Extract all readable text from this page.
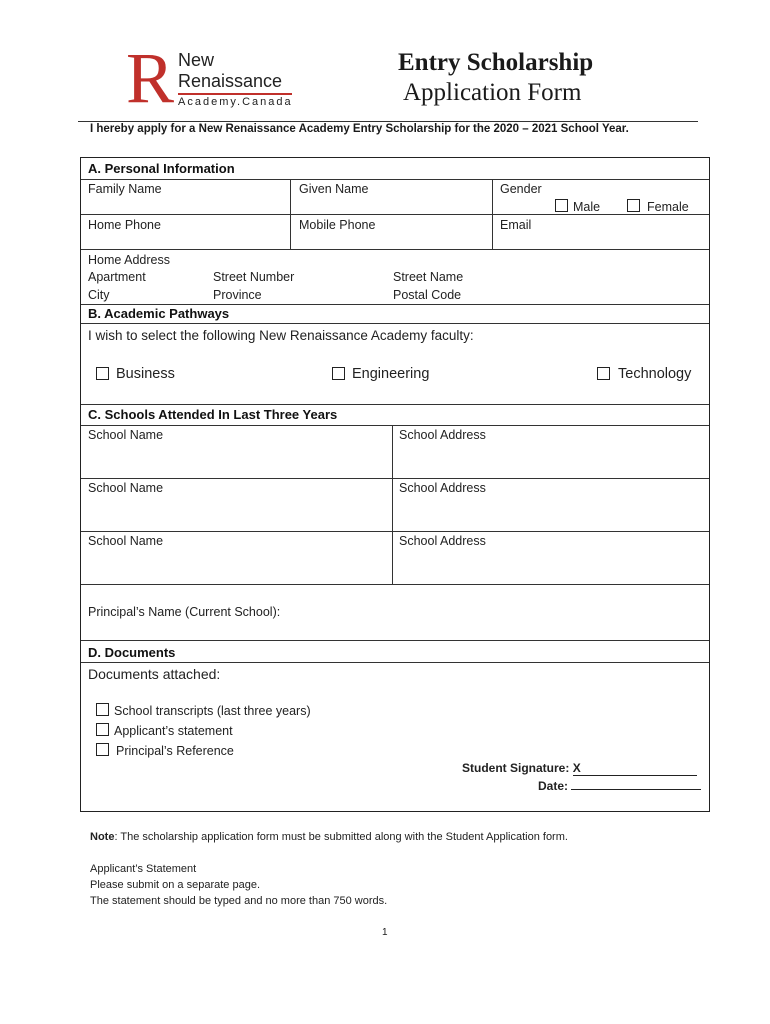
R New
Renaissance
Academy.Canada
Entry Scholarship
Application Form
I hereby apply for a New Renaissance Academy Entry Scholarship for the 2020 – 2021 School Year.
A. Personal Information
Family Name	Given Name	Gender
Male	Female
Home Phone	Mobile Phone	Email
Home Address
Apartment	Street Number	Street Name
City	Province	Postal Code
B. Academic Pathways
I wish to select the following New Renaissance Academy faculty:
Business	Engineering	Technology
C. Schools Attended In Last Three Years
School Name	School Address
School Name	School Address
School Name	School Address
Principal’s Name (Current School):
D. Documents
Documents attached:
School transcripts (last three years)
Applicant’s statement
Principal’s Reference
Student Signature: X
Date:
Note: The scholarship application form must be submitted along with the Student Application form.
Applicant’s Statement
Please submit on a separate page.
The statement should be typed and no more than 750 words.
1
